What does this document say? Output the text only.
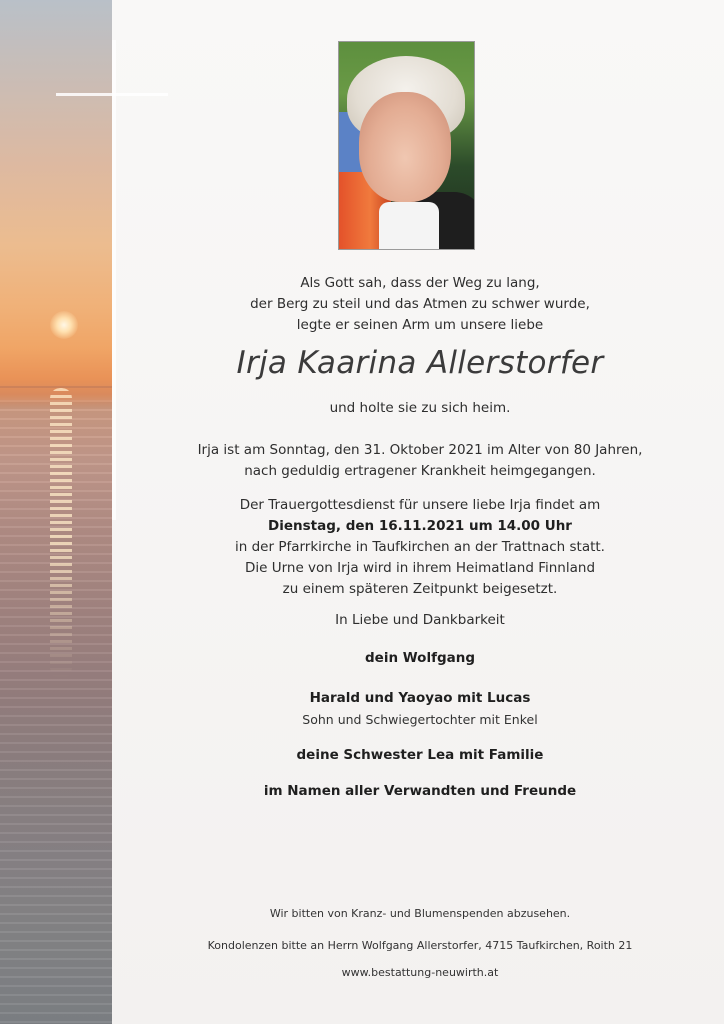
Als Gott sah, dass der Weg zu lang,
der Berg zu steil und das Atmen zu schwer wurde,
legte er seinen Arm um unsere liebe
Irja Kaarina Allerstorfer
und holte sie zu sich heim.
Irja ist am Sonntag, den 31. Oktober 2021 im Alter von 80 Jahren,
nach geduldig ertragener Krankheit heimgegangen.
Der Trauergottesdienst für unsere liebe Irja findet am
Dienstag, den 16.11.2021 um 14.00 Uhr
in der Pfarrkirche in Taufkirchen an der Trattnach statt.
Die Urne von Irja wird in ihrem Heimatland Finnland
zu einem späteren Zeitpunkt beigesetzt.
In Liebe und Dankbarkeit
dein Wolfgang
Harald und Yaoyao mit Lucas
Sohn und Schwiegertochter mit Enkel
deine Schwester Lea mit Familie
im Namen aller Verwandten und Freunde
Wir bitten von Kranz- und Blumenspenden abzusehen.
Kondolenzen bitte an Herrn Wolfgang Allerstorfer, 4715 Taufkirchen, Roith 21
www.bestattung-neuwirth.at
